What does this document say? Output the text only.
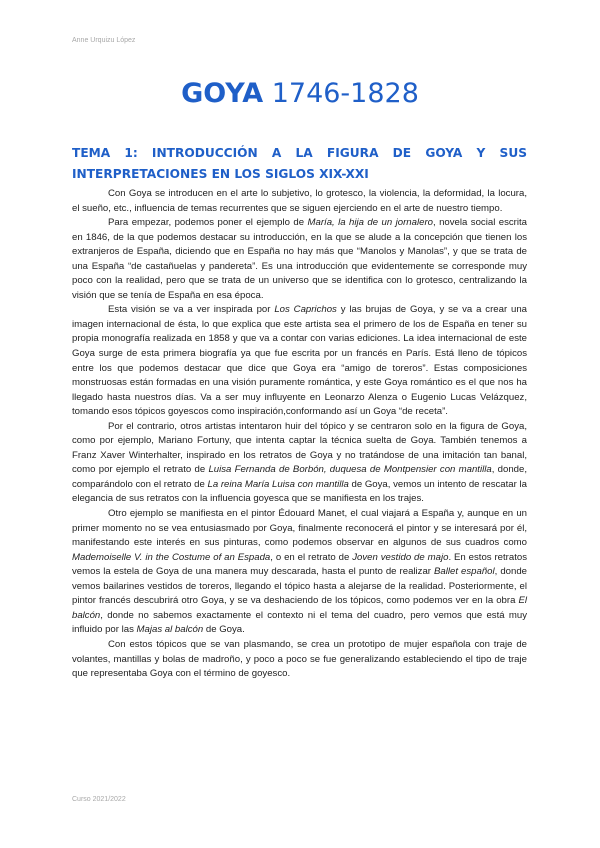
Anne Urquizu López
GOYA 1746-1828
TEMA 1: INTRODUCCIÓN A LA FIGURA DE GOYA Y SUS
INTERPRETACIONES EN LOS SIGLOS XIX-XXI

Con Goya se introducen en el arte lo subjetivo, lo grotesco, la violencia, la deformidad, la locura, el sueño, etc., influencia de temas recurrentes que se siguen ejerciendo en el arte de nuestro tiempo.

Para empezar, podemos poner el ejemplo de María, la hija de un jornalero, novela social escrita en 1846, de la que podemos destacar su introducción, en la que se alude a la concepción que tienen los extranjeros de España, diciendo que en España no hay más que “Manolos y Manolas”, y que se trata de una España “de castañuelas y pandereta”. Es una introducción que evidentemente se corresponde muy poco con la realidad, pero que se trata de un universo que se identifica con lo grotesco, centralizando la visión que se tenía de España en esa época.

Esta visión se va a ver inspirada por Los Caprichos y las brujas de Goya, y se va a crear una imagen internacional de ésta, lo que explica que este artista sea el primero de los de España en tener su propia monografía realizada en 1858 y que va a contar con varias ediciones. La idea internacional de este Goya surge de esta primera biografía ya que fue escrita por un francés en París. Está lleno de tópicos entre los que podemos destacar que dice que Goya era “amigo de toreros”. Estas composiciones monstruosas están formadas en una visión puramente romántica, y este Goya romántico es el que nos ha llegado hasta nuestros días. Va a ser muy influyente en Leonarzo Alenza o Eugenio Lucas Velázquez, tomando esos tópicos goyescos como inspiración,conformando así un Goya “de receta”.

Por el contrario, otros artistas intentaron huir del tópico y se centraron solo en la figura de Goya, como por ejemplo, Mariano Fortuny, que intenta captar la técnica suelta de Goya. También tenemos a Franz Xaver Winterhalter, inspirado en los retratos de Goya y no tratándose de una imitación tan banal, como por ejemplo el retrato de Luisa Fernanda de Borbón, duquesa de Montpensier con mantilla, donde, comparándolo con el retrato de La reina María Luisa con mantilla de Goya, vemos un intento de rescatar la elegancia de sus retratos con la influencia goyesca que se manifiesta en los trajes.

Otro ejemplo se manifiesta en el pintor Édouard Manet, el cual viajará a España y, aunque en un primer momento no se vea entusiasmado por Goya, finalmente reconocerá el pintor y se interesará por él, manifestando este interés en sus pinturas, como podemos observar en algunos de sus cuadros como Mademoiselle V. in the Costume of an Espada, o en el retrato de Joven vestido de majo. En estos retratos vemos la estela de Goya de una manera muy descarada, hasta el punto de realizar Ballet español, donde vemos bailarines vestidos de toreros, llegando el tópico hasta a alejarse de la realidad. Posteriormente, el pintor francés descubrirá otro Goya, y se va deshaciendo de los tópicos, como podemos ver en la obra El balcón, donde no sabemos exactamente el contexto ni el tema del cuadro, pero vemos que está muy influido por las Majas al balcón de Goya.

Con estos tópicos que se van plasmando, se crea un prototipo de mujer española con traje de volantes, mantillas y bolas de madroño, y poco a poco se fue generalizando estableciendo el tipo de traje que representaba Goya con el término de goyesco.

Curso 2021/2022
